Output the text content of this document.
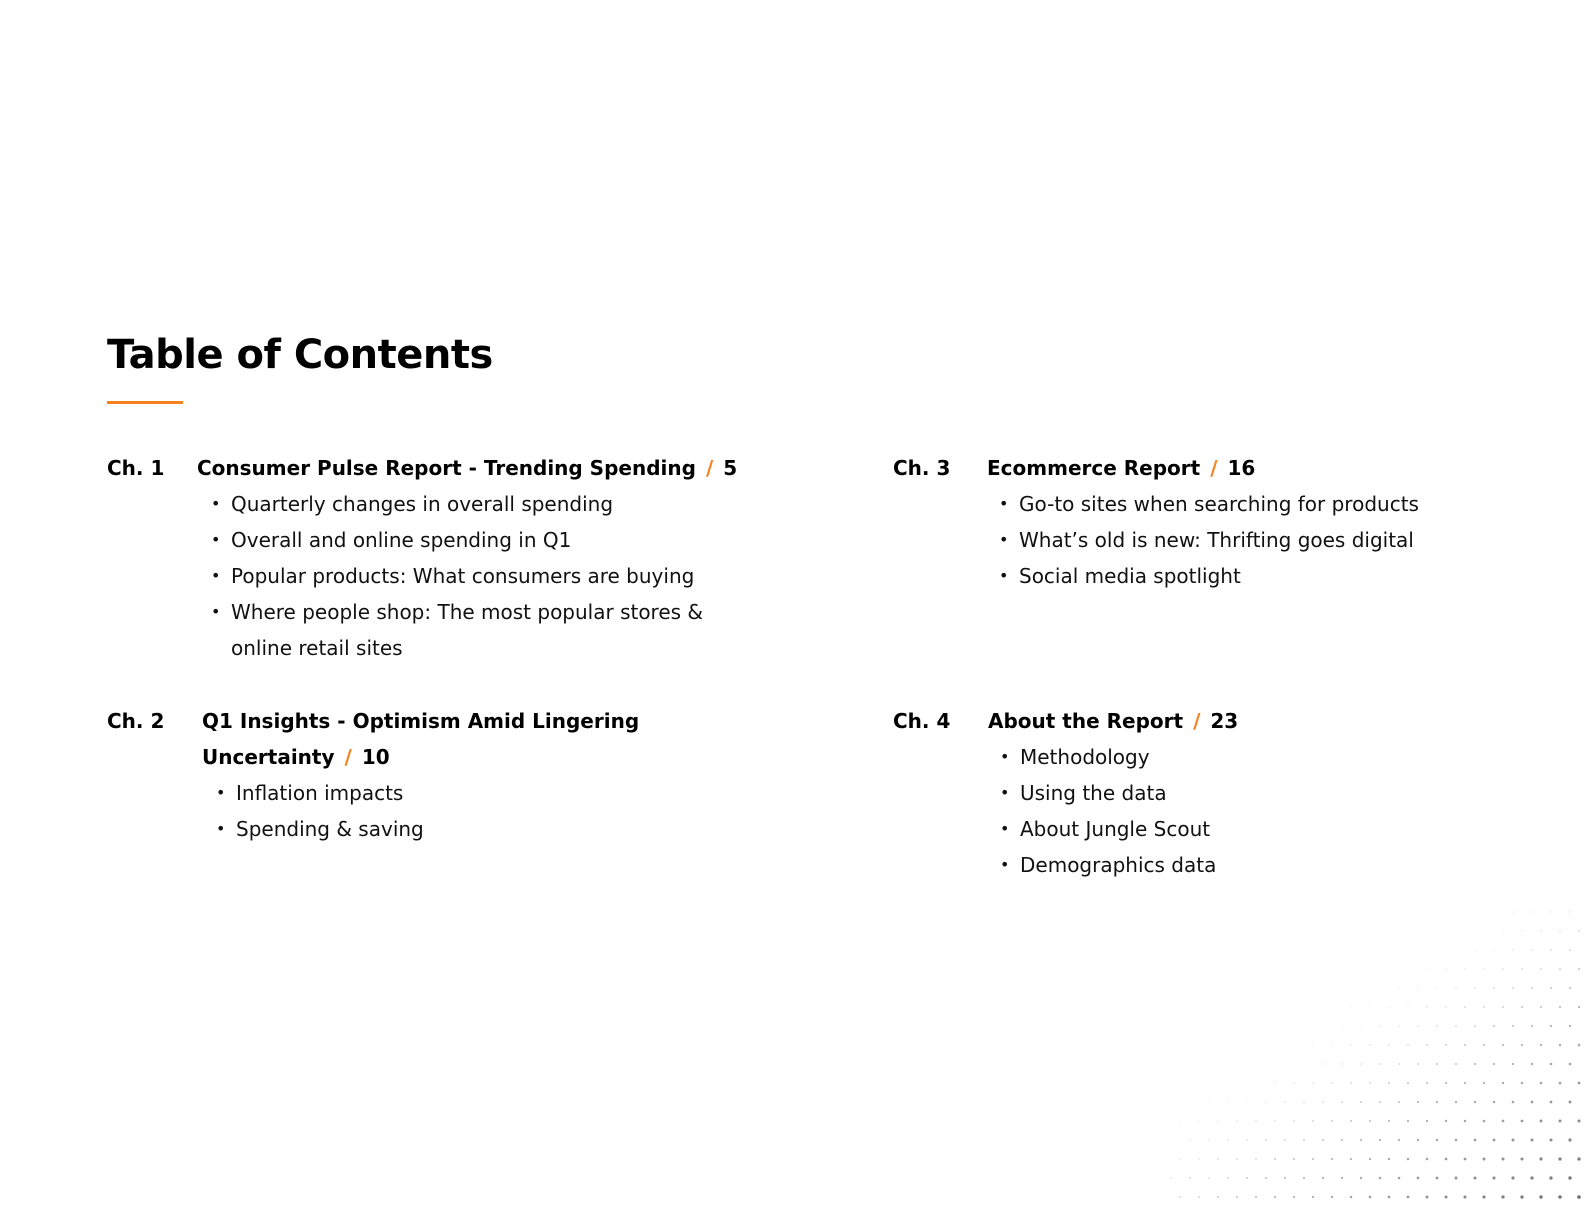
Table of Contents
Ch. 1 Consumer Pulse Report - Trending Spending / 5

• Quarterly changes in overall spending
• Overall and online spending in Q1
• Popular products: What consumers are buying
• Where people shop: The most popular stores & online retail sites
Ch. 2 Q1 Insights - Optimism Amid Lingering Uncertainty / 10

• Inflation impacts
• Spending & saving
Ch. 3 Ecommerce Report / 16

• Go-to sites when searching for products
• What’s old is new: Thrifting goes digital
• Social media spotlight
Ch. 4 About the Report / 23

• Methodology
• Using the data
• About Jungle Scout
• Demographics data
